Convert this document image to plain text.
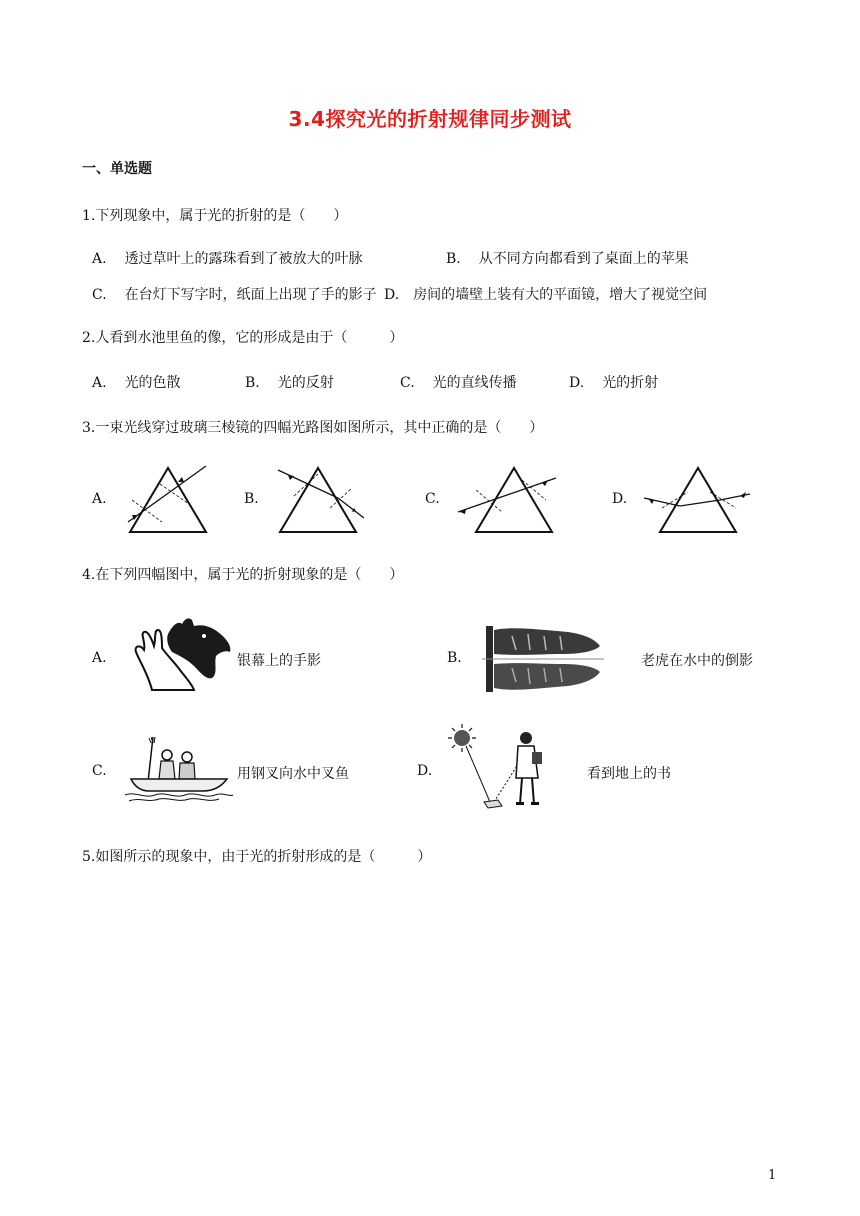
3.4探究光的折射规律同步测试
一、单选题
1.下列现象中，属于光的折射的是（　　）
A. 透过草叶上的露珠看到了被放大的叶脉	B. 从不同方向都看到了桌面上的苹果
C. 在台灯下写字时，纸面上出现了手的影子 D. 房间的墙壁上装有大的平面镜，增大了视觉空间
2.人看到水池里鱼的像，它的形成是由于（　　　）
A. 光的色散	B. 光的反射	C. 光的直线传播	D. 光的折射
3.一束光线穿过玻璃三棱镜的四幅光路图如图所示，其中正确的是（　　）
A.	B.	C.	D.
4.在下列四幅图中，属于光的折射现象的是（　　）
A.	银幕上的手影	B.	老虎在水中的倒影
C.	用钢叉向水中叉鱼	D.	看到地上的书
5.如图所示的现象中，由于光的折射形成的是（　　　）
1
